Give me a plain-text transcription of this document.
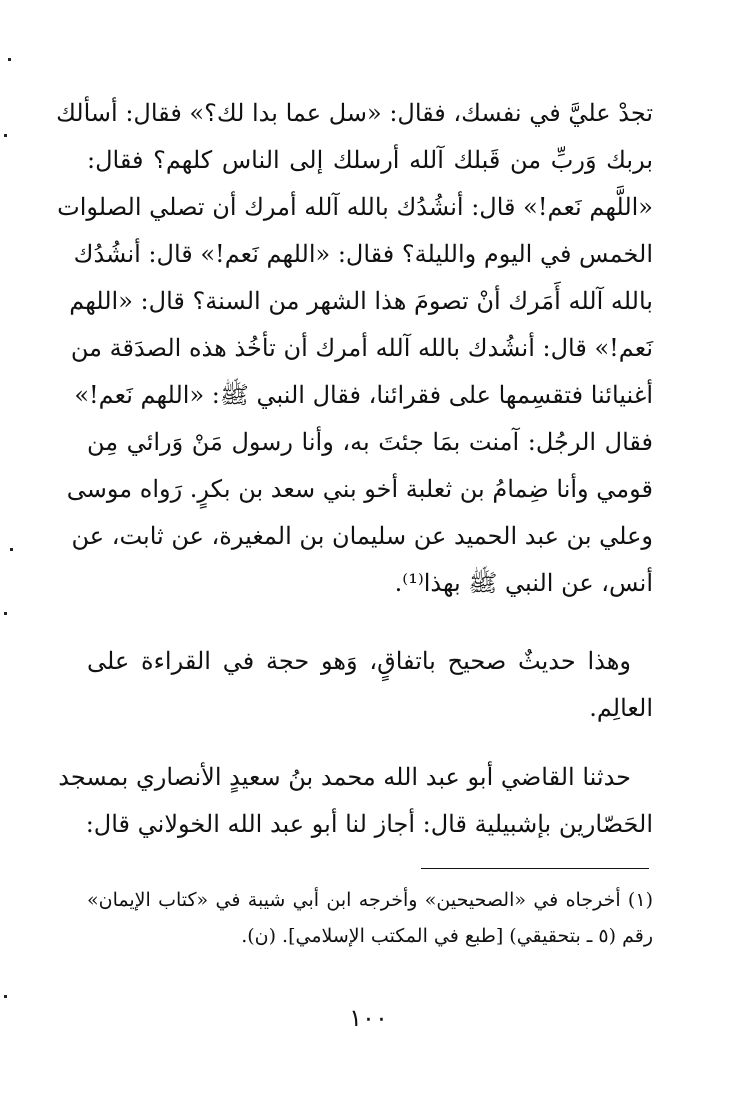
تجدْ عليَّ في نفسك، فقال: «سل عما بدا لك؟» فقال: أسألك
بربك وَربِّ من قَبلك آلله أرسلك إلى الناس كلهم؟ فقال:
«اللَّهم نَعم!» قال: أنشُدُك بالله آلله أمرك أن تصلي الصلوات
الخمس في اليوم والليلة؟ فقال: «اللهم نَعم!» قال: أنشُدُك
بالله آلله أَمَرك أنْ تصومَ هذا الشهر من السنة؟ قال: «اللهم
نَعم!» قال: أنشُدك بالله آلله أمرك أن تأخُذ هذه الصدَقة من
أغنيائنا فتقسِمها على فقرائنا، فقال النبي ﷺ: «اللهم نَعم!»
فقال الرجُل: آمنت بمَا جئتَ به، وأنا رسول مَنْ وَرائي مِن
قومي وأنا ضِمامُ بن ثعلبة أخو بني سعد بن بكرٍ. رَواه موسى
وعلي بن عبد الحميد عن سليمان بن المغيرة، عن ثابت، عن
أنس، عن النبي ﷺ بهذا⁽¹⁾.
وهذا حديثٌ صحيح باتفاقٍ، وَهو حجة في القراءة على
العالِم.
حدثنا القاضي أبو عبد الله محمد بنُ سعيدٍ الأنصاري بمسجد
الحَصّارين بإشبيلية قال: أجاز لنا أبو عبد الله الخولاني قال:
(١) أخرجاه في «الصحيحين» وأخرجه ابن أبي شيبة في «كتاب الإيمان»
رقم (٥ ـ بتحقيقي) [طبع في المكتب الإسلامي]. (ن).
١٠٠
